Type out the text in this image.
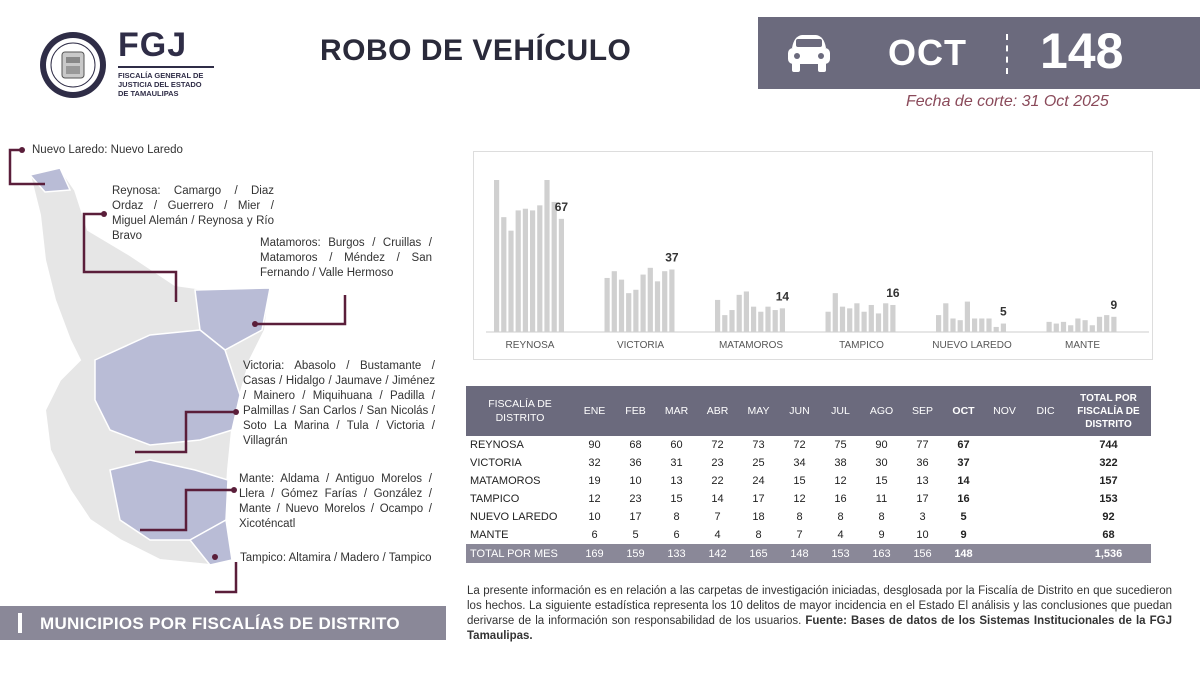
FGJ
FISCALÍA GENERAL DE
JUSTICIA DEL ESTADO
DE TAMAULIPAS
ROBO DE VEHÍCULO	OCT 148
Fecha de corte: 31 Oct 2025
Nuevo Laredo: Nuevo Laredo
Reynosa: Camargo / Diaz Ordaz / Guerrero / Mier / Miguel Alemán / Reynosa y Río Bravo
Matamoros: Burgos / Cruillas / Matamoros / Méndez / San Fernando / Valle Hermoso
Victoria: Abasolo / Bustamante / Casas / Hidalgo / Jaumave / Jiménez / Mainero / Miquihuana / Padilla / Palmillas / San Carlos / San Nicolás / Soto La Marina / Tula / Victoria / Villagrán
Mante: Aldama / Antiguo Morelos / Llera / Gómez Farías / González / Mante / Nuevo Morelos / Ocampo / Xicoténcatl
Tampico: Altamira / Madero / Tampico
MUNICIPIOS POR FISCALÍAS DE DISTRITO
67
REYNOSA
37
VICTORIA
14
MATAMOROS
16
TAMPICO
5
NUEVO LAREDO
9
MANTE
FISCALÍA DE DISTRITO	ENE	FEB	MAR	ABR	MAY	JUN	JUL	AGO	SEP	OCT	NOV	DIC	TOTAL POR FISCALÍA DE DISTRITO
REYNOSA	90	68	60	72	73	72	75	90	77	67			744
VICTORIA	32	36	31	23	25	34	38	30	36	37			322
MATAMOROS	19	10	13	22	24	15	12	15	13	14			157
TAMPICO	12	23	15	14	17	12	16	11	17	16			153
NUEVO LAREDO	10	17	8	7	18	8	8	8	3	5			92
MANTE	6	5	6	4	8	7	4	9	10	9			68
TOTAL POR MES	169	159	133	142	165	148	153	163	156	148			1,536
La presente información es en relación a las carpetas de investigación iniciadas, desglosada por la Fiscalía de Distrito en que sucedieron los hechos. La siguiente estadística representa los 10 delitos de mayor incidencia en el Estado El análisis y las conclusiones que puedan derivarse de la información son responsabilidad de los usuarios. Fuente: Bases de datos de los Sistemas Institucionales de la FGJ Tamaulipas.
